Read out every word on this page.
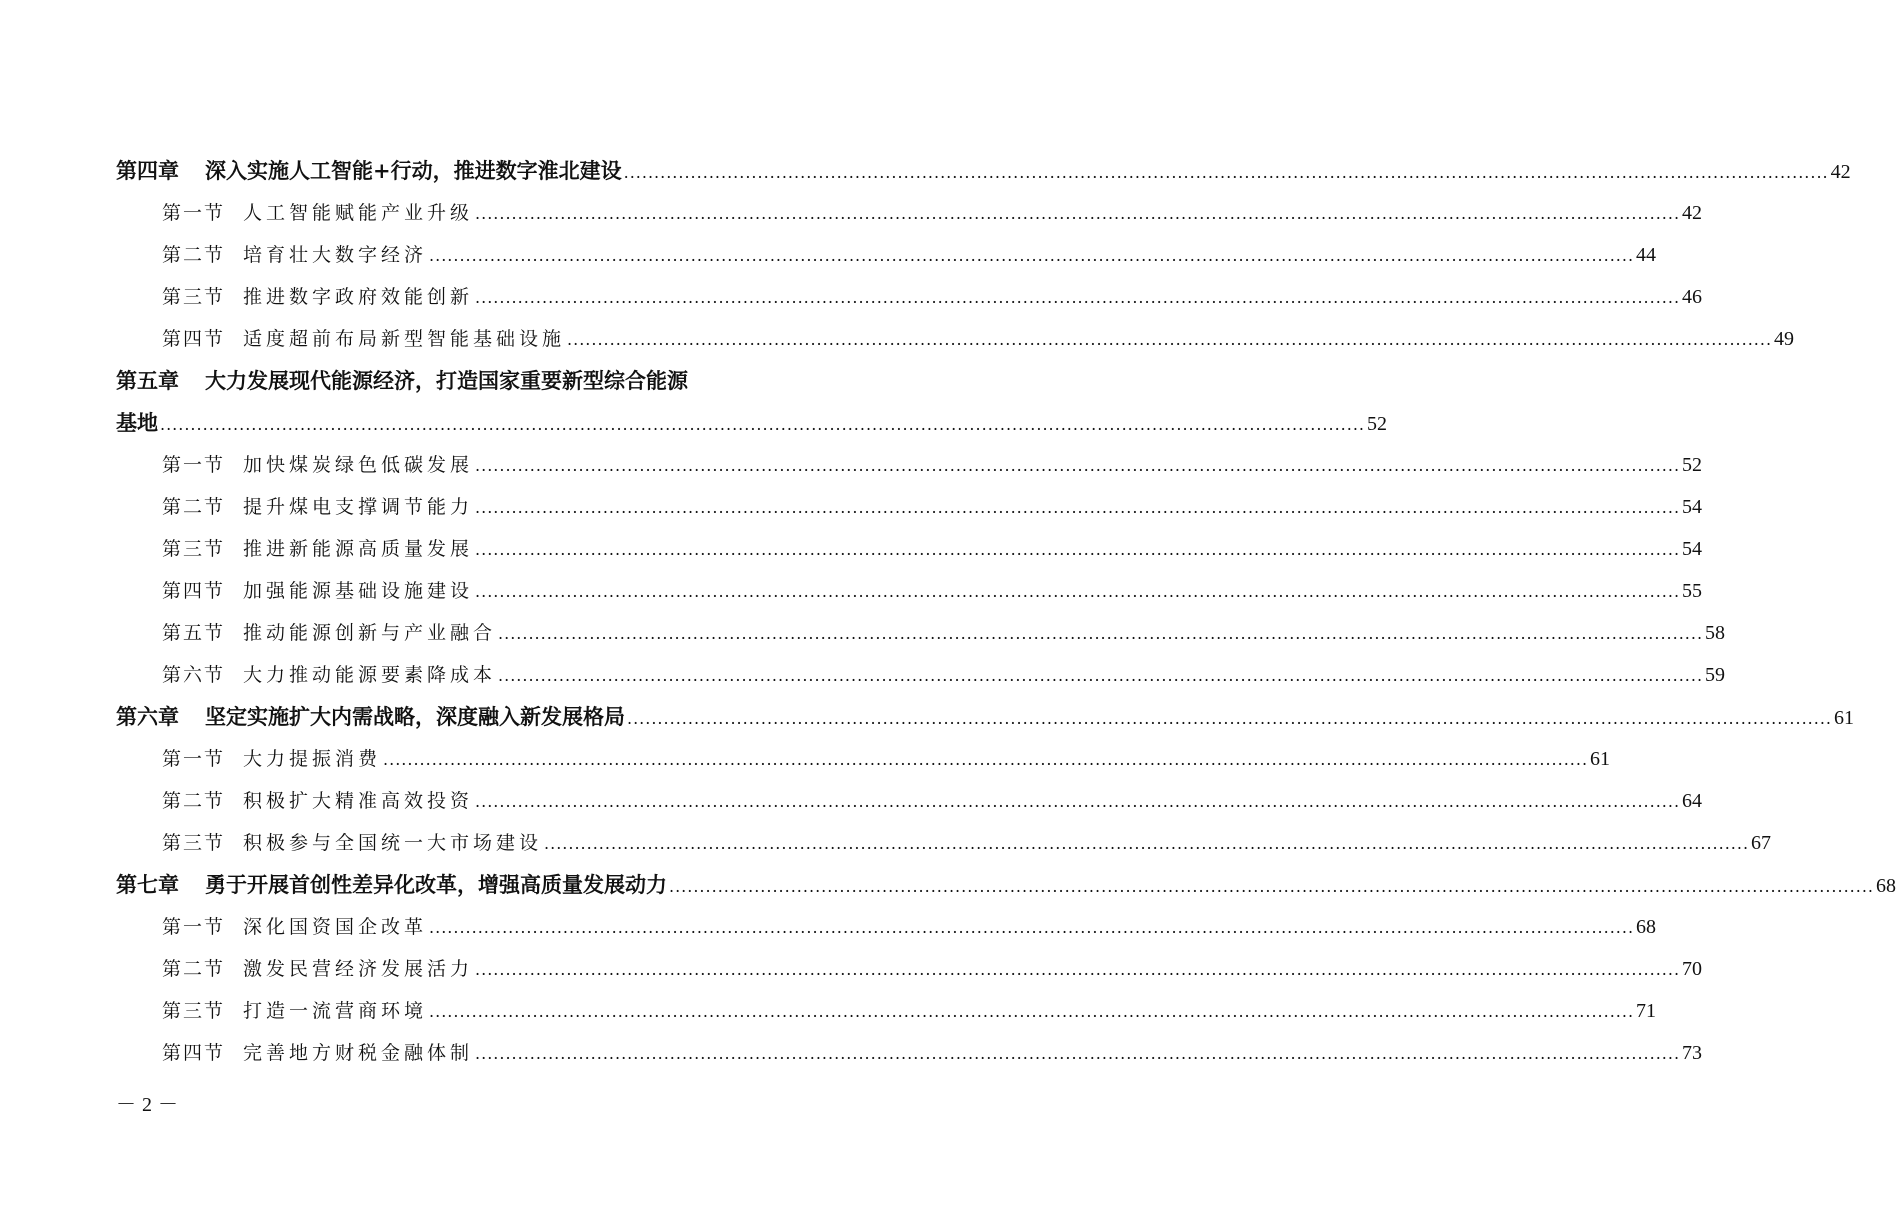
第四章 深入实施人工智能+行动，推进数字淮北建设 .....	42
第一节 人工智能赋能产业升级 .....	42
第二节 培育壮大数字经济 .....	44
第三节 推进数字政府效能创新 .....	46
第四节 适度超前布局新型智能基础设施 .....	49
第五章 大力发展现代能源经济，打造国家重要新型综合能源
基地 .....	52
第一节 加快煤炭绿色低碳发展 .....	52
第二节 提升煤电支撑调节能力 .....	54
第三节 推进新能源高质量发展 .....	54
第四节 加强能源基础设施建设 .....	55
第五节 推动能源创新与产业融合 .....	58
第六节 大力推动能源要素降成本 .....	59
第六章 坚定实施扩大内需战略，深度融入新发展格局 .....	61
第一节 大力提振消费 .....	61
第二节 积极扩大精准高效投资 .....	64
第三节 积极参与全国统一大市场建设 .....	67
第七章 勇于开展首创性差异化改革，增强高质量发展动力 .....	68
第一节 深化国资国企改革 .....	68
第二节 激发民营经济发展活力 .....	70
第三节 打造一流营商环境 .....	71
第四节 完善地方财税金融体制 .....	73
－2－
